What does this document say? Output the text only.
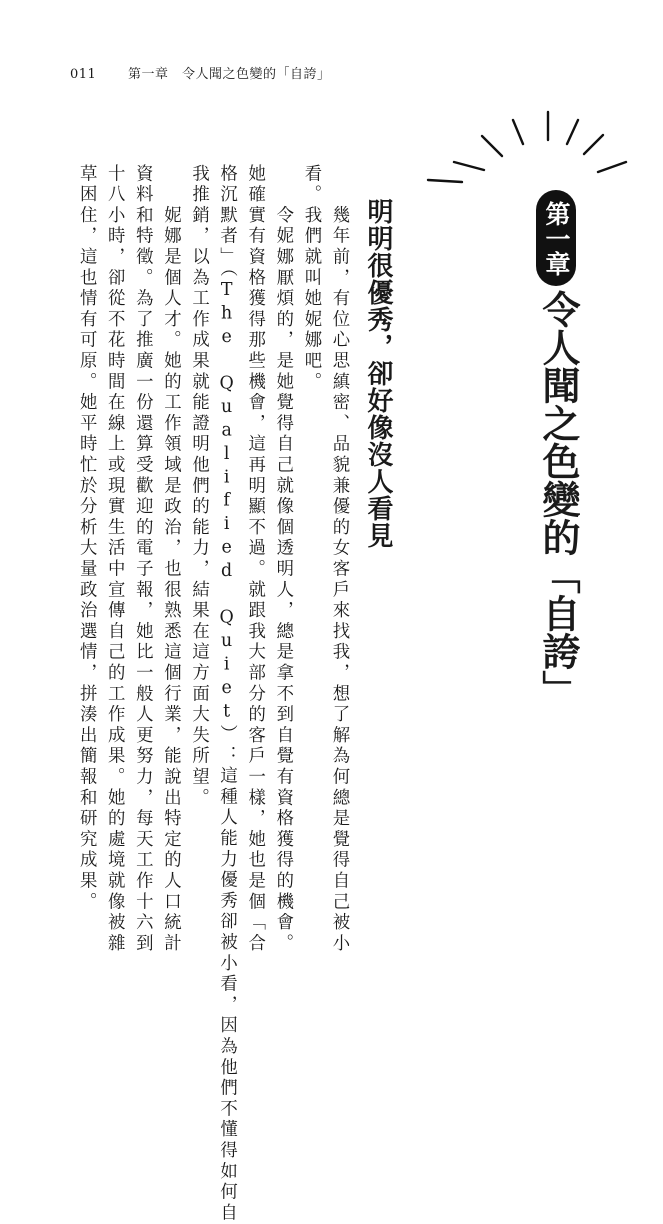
011 第一章　令人聞之色變的「自誇」
第一章
令人聞之色變的「自誇」
明明很優秀，卻好像沒人看見
　　幾年前，有位心思縝密、品貌兼優的女客戶來找我，想了解為何總是覺得自己被小
看。我們就叫她妮娜吧。
　　令妮娜厭煩的，是她覺得自己就像個透明人，總是拿不到自覺有資格獲得的機會。
她確實有資格獲得那些機會，這再明顯不過。就跟我大部分的客戶一樣，她也是個「合
格沉默者」（The Qualified Quiet）：這種人能力優秀卻被小看，因為他們不懂得如何自
我推銷，以為工作成果就能證明他們的能力，結果在這方面大失所望。
　　妮娜是個人才。她的工作領域是政治，也很熟悉這個行業，能說出特定的人口統計
資料和特徵。為了推廣一份還算受歡迎的電子報，她比一般人更努力，每天工作十六到
十八小時，卻從不花時間在線上或現實生活中宣傳自己的工作成果。她的處境就像被雜
草困住，這也情有可原。她平時忙於分析大量政治選情，拼湊出簡報和研究成果。
